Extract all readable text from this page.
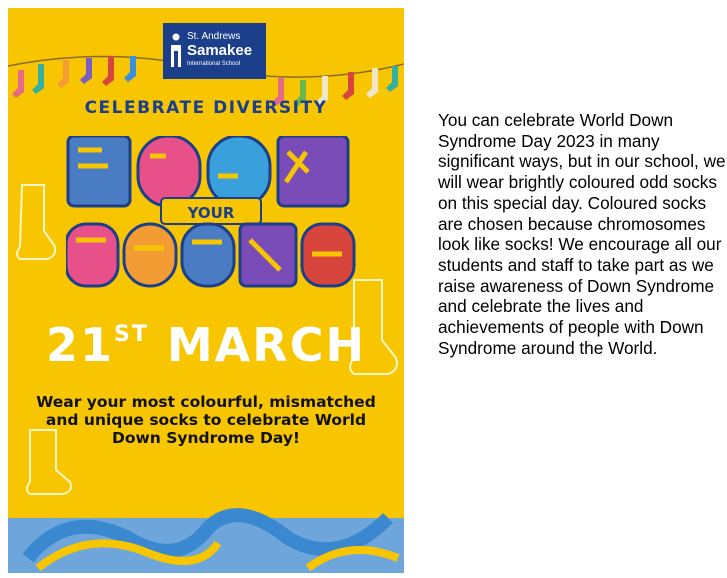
St. Andrews
Samakee
International School
CELEBRATE DIVERSITY
YOUR
21ST MARCH
Wear your most colourful, mismatched and unique socks to celebrate World Down Syndrome Day!
You can celebrate World Down Syndrome Day 2023 in many significant ways, but in our school, we will wear brightly coloured odd socks on this special day. Coloured socks are chosen because chromosomes look like socks! We encourage all our students and staff to take part as we raise awareness of Down Syndrome and celebrate the lives and achievements of people with Down Syndrome around the World.
